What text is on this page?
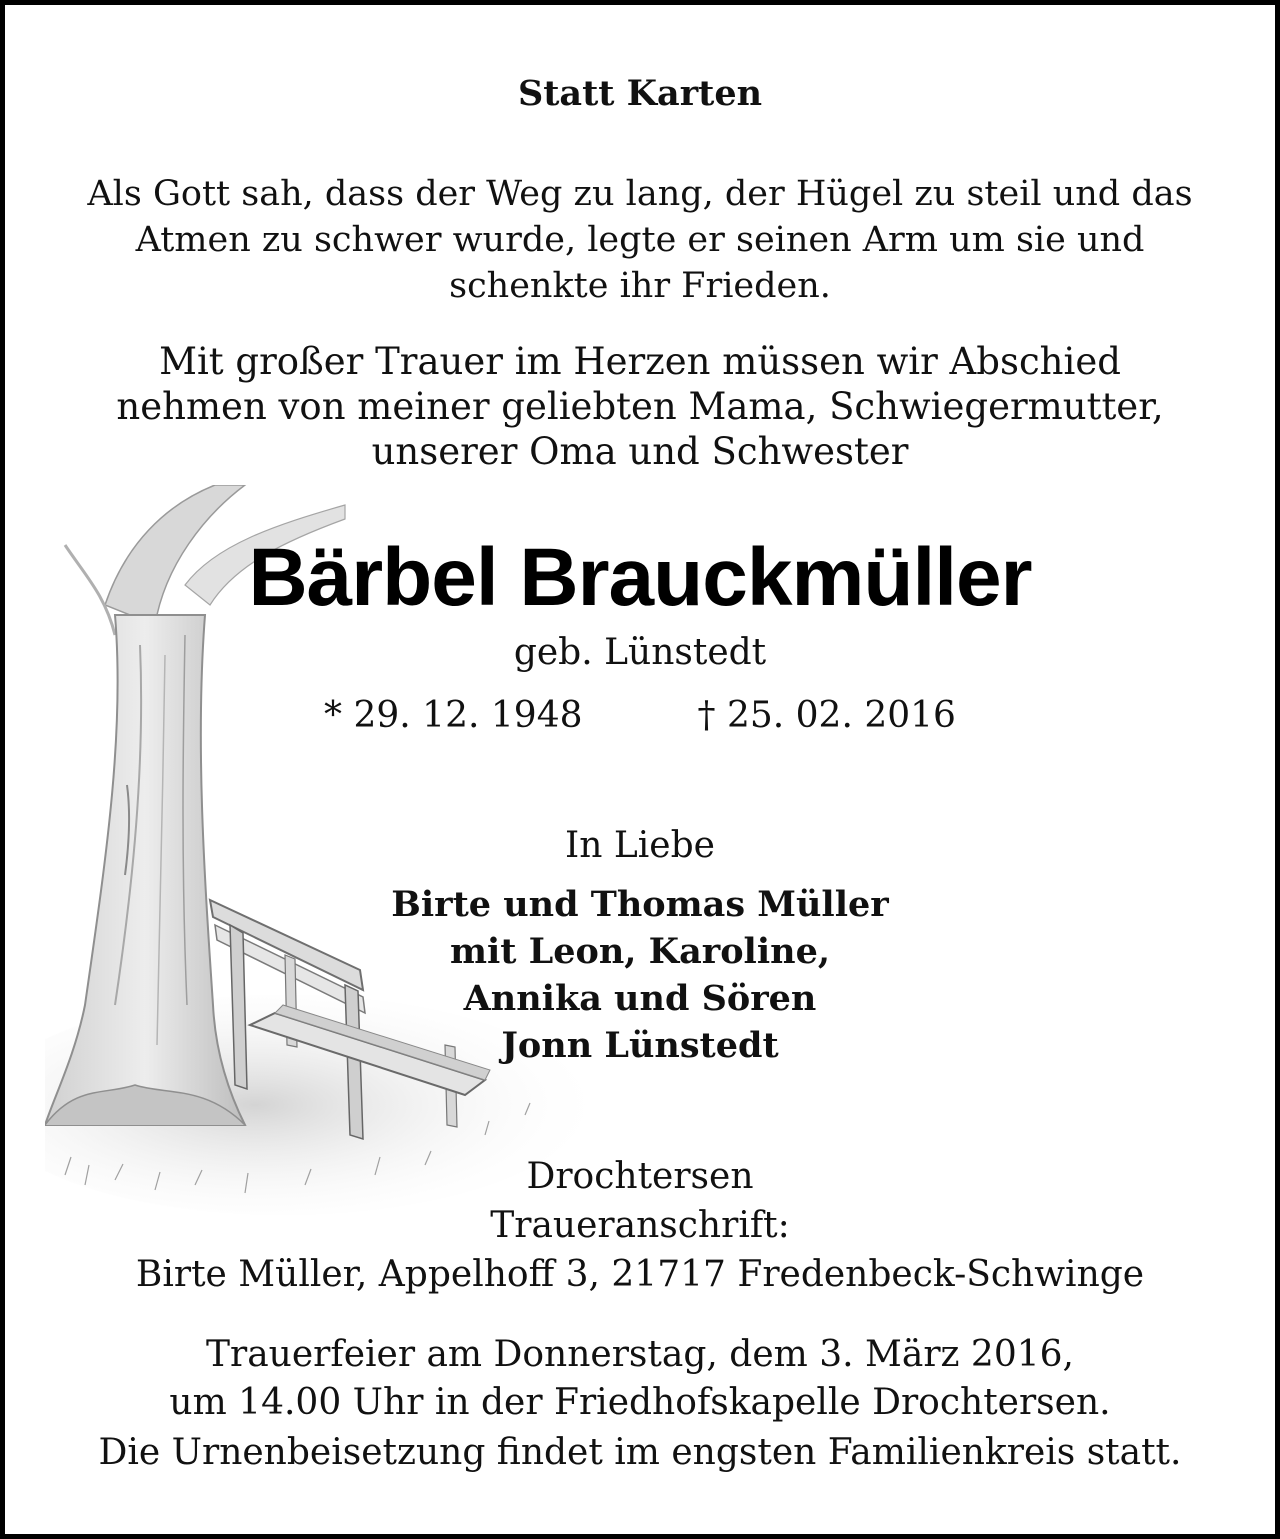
Statt Karten
Als Gott sah, dass der Weg zu lang, der Hügel zu steil und das
Atmen zu schwer wurde, legte er seinen Arm um sie und
schenkte ihr Frieden.
Mit großer Trauer im Herzen müssen wir Abschied
nehmen von meiner geliebten Mama, Schwiegermutter,
unserer Oma und Schwester
Bärbel Brauckmüller
geb. Lünstedt
* 29. 12. 1948	† 25. 02. 2016
In Liebe
Birte und Thomas Müller
mit Leon, Karoline,
Annika und Sören
Jonn Lünstedt
Drochtersen
Traueranschrift:
Birte Müller, Appelhoff 3, 21717 Fredenbeck-Schwinge
Trauerfeier am Donnerstag, dem 3. März 2016,
um 14.00 Uhr in der Friedhofskapelle Drochtersen.
Die Urnenbeisetzung findet im engsten Familienkreis statt.
